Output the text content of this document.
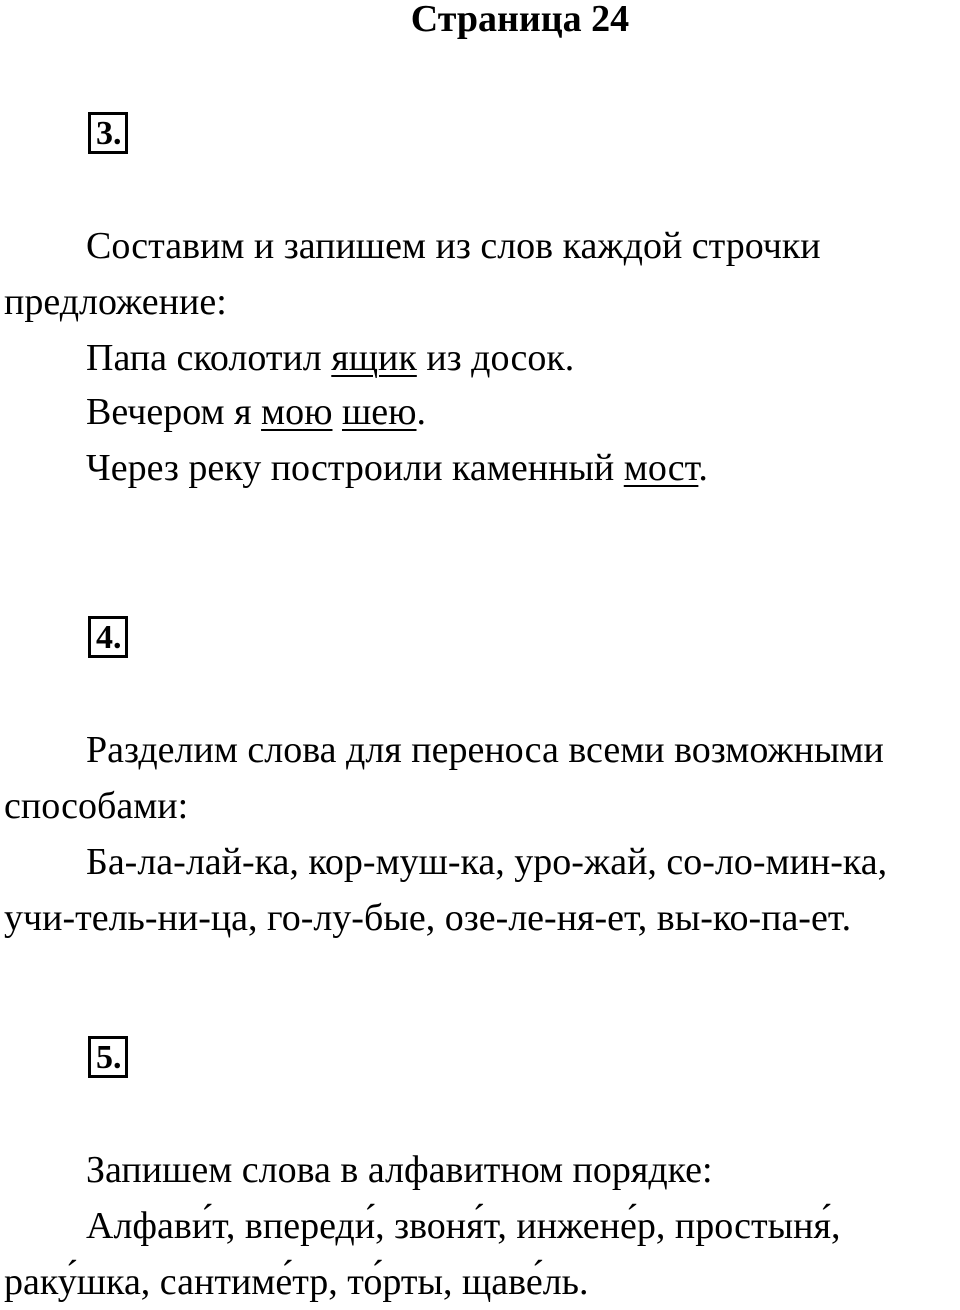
Страница 24
3.
Составим и запишем из слов каждой строчки
предложение:
Папа сколотил ящик из досок.
Вечером я мою шею.
Через реку построили каменный мост.
4.
Разделим слова для переноса всеми возможными
способами:
Ба-ла-лай-ка, кор-муш-ка, уро-жай, со-ло-мин-ка,
учи-тель-ни-ца, го-лу-бые, озе-ле-ня-ет, вы-ко-па-ет.
5.
Запишем слова в алфавитном порядке:
Алфави́т, впереди́, звоня́т, инжене́р, простыня́,
раку́шка, сантиме́тр, то́рты, щаве́ль.
